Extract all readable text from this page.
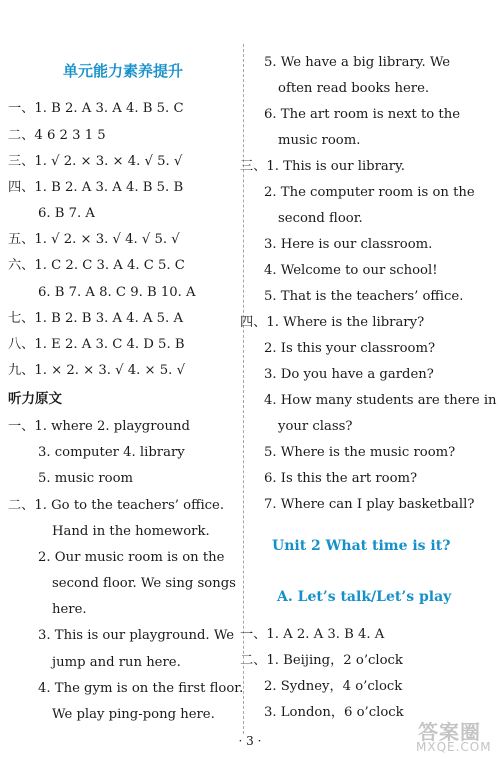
单元能力素养提升
一、1. B 2. A 3. A 4. B 5. C
二、4 6 2 3 1 5
三、1. √ 2. × 3. × 4. √ 5. √
四、1. B 2. A 3. A 4. B 5. B
6. B 7. A
五、1. √ 2. × 3. √ 4. √ 5. √
六、1. C 2. C 3. A 4. C 5. C
6. B 7. A 8. C 9. B 10. A
七、1. B 2. B 3. A 4. A 5. A
八、1. E 2. A 3. C 4. D 5. B
九、1. × 2. × 3. √ 4. × 5. √
听力原文
一、1. where 2. playground
3. computer 4. library
5. music room
二、1. Go to the teachers’ office.
Hand in the homework.
2. Our music room is on the
second floor. We sing songs
here.
3. This is our playground. We
jump and run here.
4. The gym is on the first floor.
We play ping-pong here.
5. We have a big library. We
often read books here.
6. The art room is next to the
music room.
三、1. This is our library.
2. The computer room is on the
second floor.
3. Here is our classroom.
4. Welcome to our school!
5. That is the teachers’ office.
四、1. Where is the library?
2. Is this your classroom?
3. Do you have a garden?
4. How many students are there in
your class?
5. Where is the music room?
6. Is this the art room?
7. Where can I play basketball?
Unit 2 What time is it?
A. Let’s talk/Let’s play
一、1. A 2. A 3. B 4. A
二、1. Beijing，2 o’clock
2. Sydney，4 o’clock
3. London，6 o’clock
· 3 ·	答案圈
MXQE.COM
